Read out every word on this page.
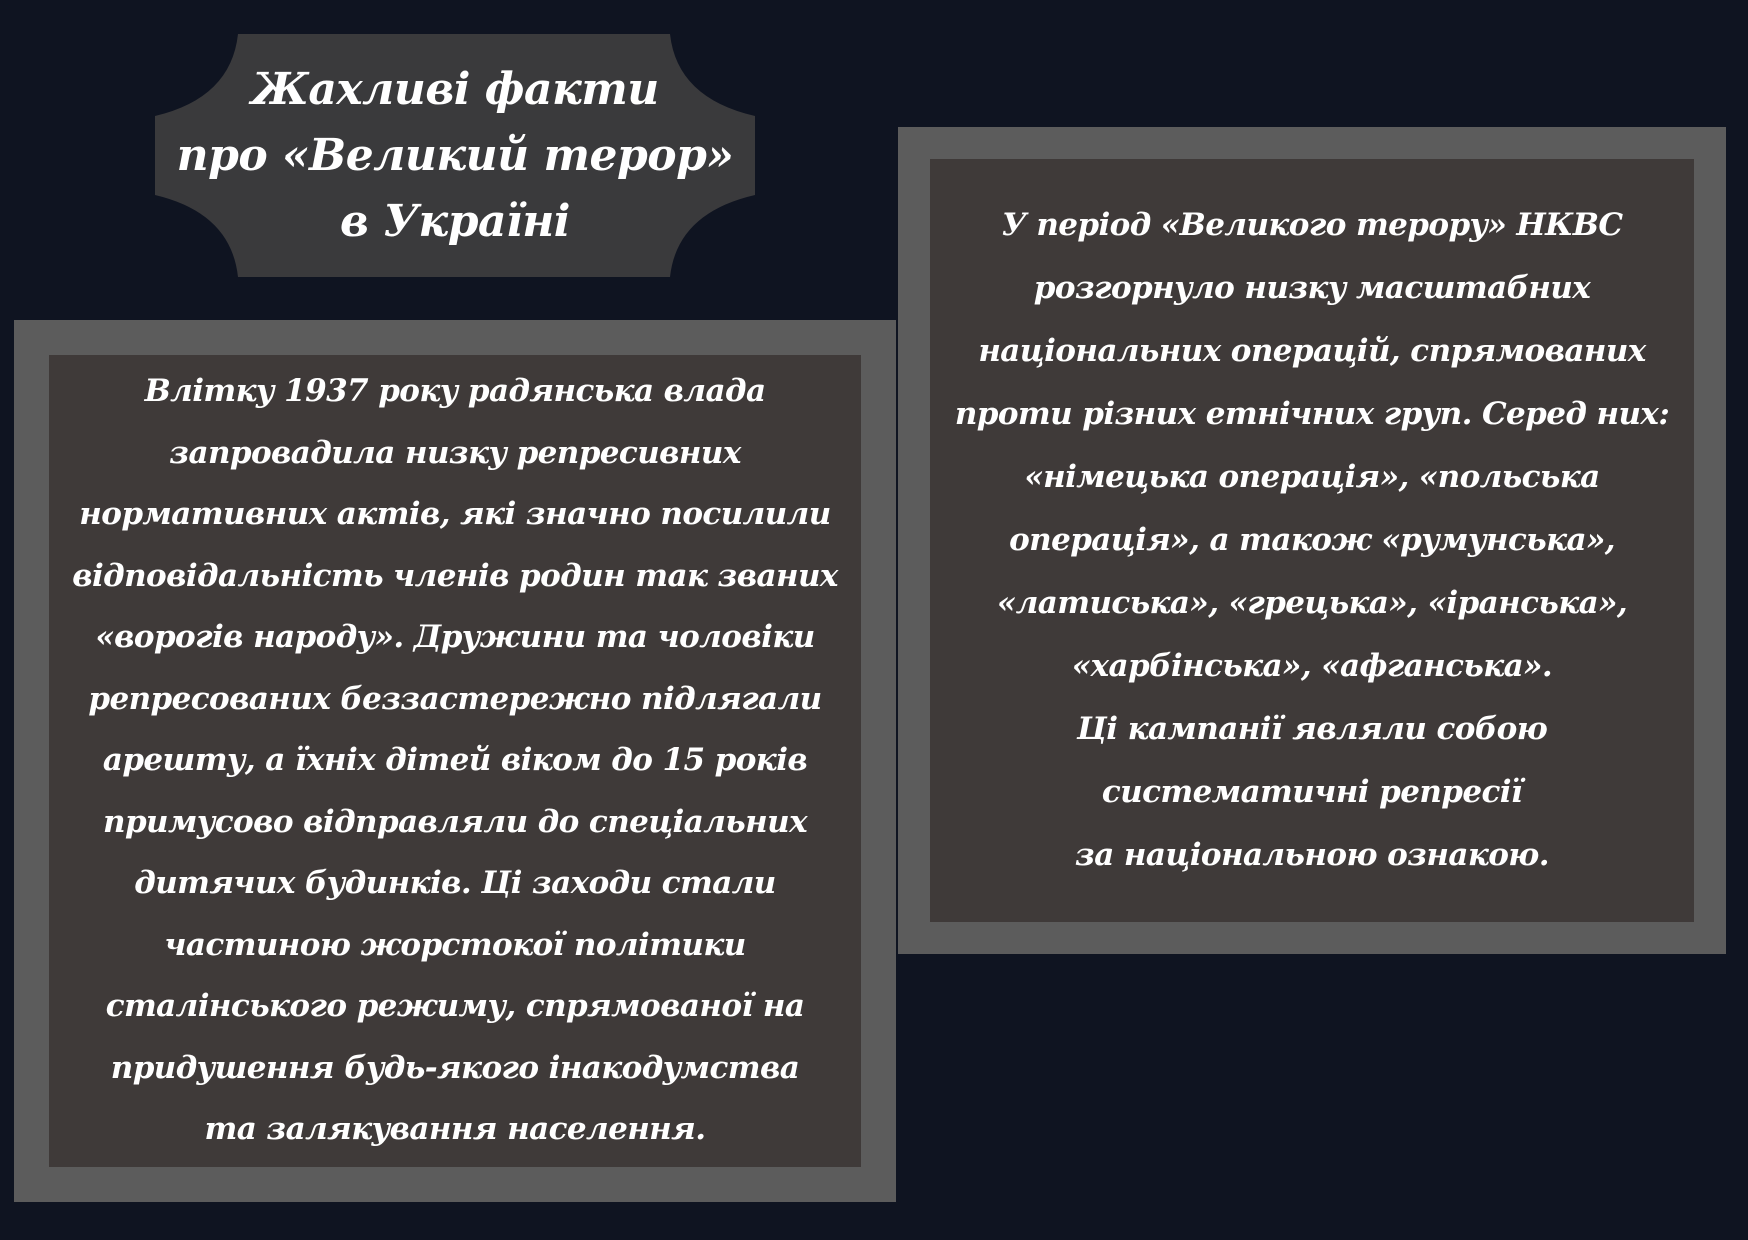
Жахливі факти
про «Великий терор»
в Україні
Влітку 1937 року радянська влада
запровадила низку репресивних
нормативних актів, які значно посилили
відповідальність членів родин так званих
«ворогів народу». Дружини та чоловіки
репресованих беззастережно підлягали
арешту, а їхніх дітей віком до 15 років
примусово відправляли до спеціальних
дитячих будинків. Ці заходи стали
частиною жорстокої політики
сталінського режиму, спрямованої на
придушення будь-якого інакодумства
та залякування населення.
У період «Великого терору» НКВС
розгорнуло низку масштабних
національних операцій, спрямованих
проти різних етнічних груп. Серед них:
«німецька операція», «польська
операція», а також «румунська»,
«латиська», «грецька», «іранська»,
«харбінська», «афганська».
Ці кампанії являли собою
систематичні репресії
за національною ознакою.
